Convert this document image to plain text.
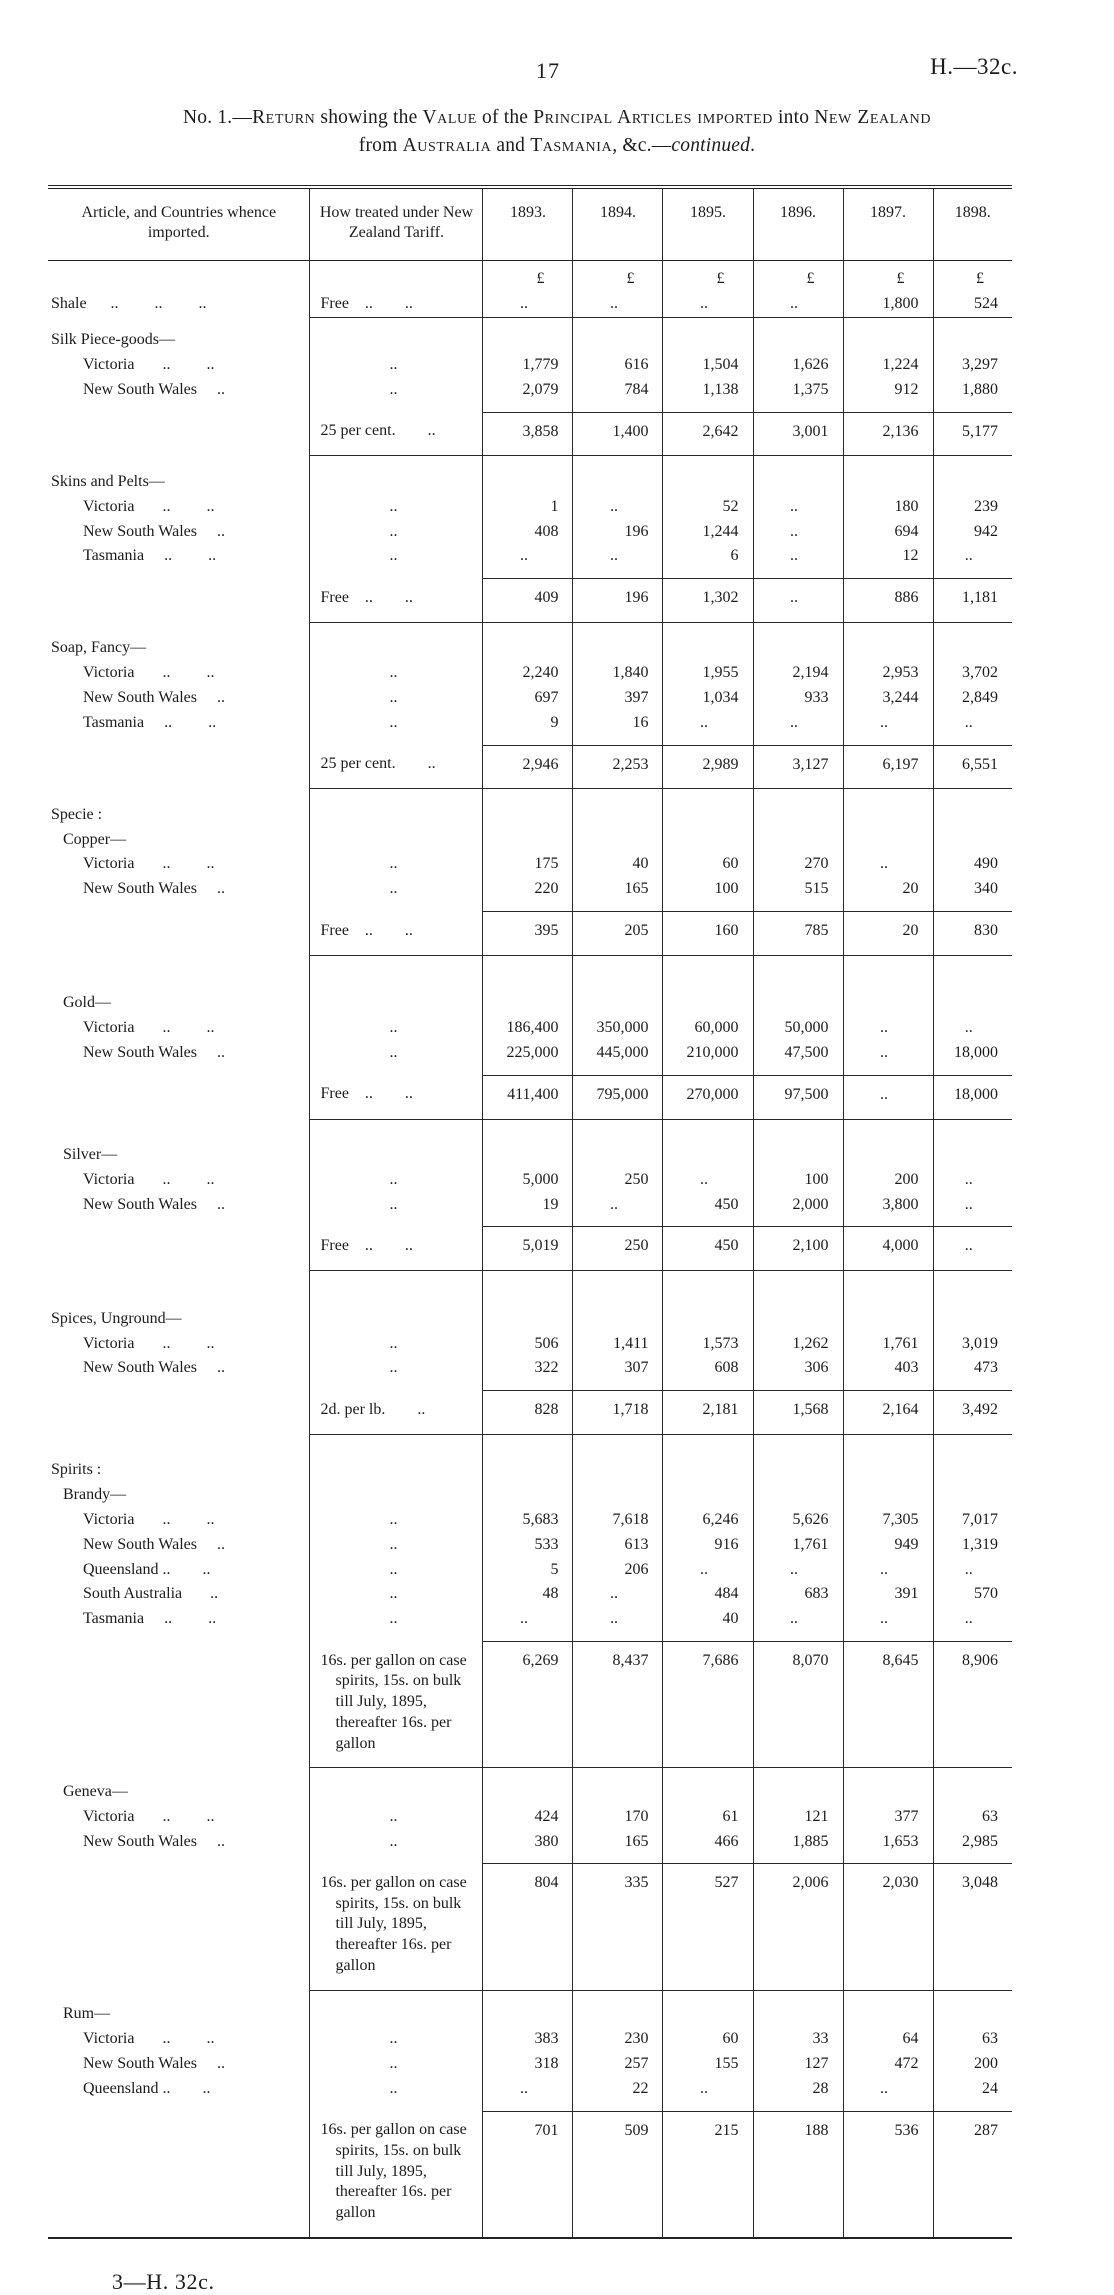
17	H.—32c.
No. 1.—Return showing the Value of the Principal Articles imported into New Zealand
from Australia and Tasmania, &c.—continued.
Article, and Countries whence imported.	How treated under New Zealand Tariff.	1893.	1894.	1895.	1896.	1897.	1898.
		£	£	£	£	£	£
Shale      ..         ..         ..	Free    ..        ..	..	..	..	..	1,800	524
Silk Piece-goods—							
Victoria       ..         ..	..	1,779	616	1,504	1,626	1,224	3,297
New South Wales     ..	..	2,079	784	1,138	1,375	912	1,880

	25 per cent.        ..	3,858	1,400	2,642	3,001	2,136	5,177
Skins and Pelts—							
Victoria       ..         ..	..	1	..	52	..	180	239
New South Wales     ..	..	408	196	1,244	..	694	942
Tasmania     ..         ..	..	..	..	6	..	12	..

	Free    ..        ..	409	196	1,302	..	886	1,181
Soap, Fancy—							
Victoria       ..         ..	..	2,240	1,840	1,955	2,194	2,953	3,702
New South Wales     ..	..	697	397	1,034	933	3,244	2,849
Tasmania     ..         ..	..	9	16	..	..	..	..

	25 per cent.        ..	2,946	2,253	2,989	3,127	6,197	6,551
Specie :							
Copper—							
Victoria       ..         ..	..	175	40	60	270	..	490
New South Wales     ..	..	220	165	100	515	20	340

	Free    ..        ..	395	205	160	785	20	830
Gold—							
Victoria       ..         ..	..	186,400	350,000	60,000	50,000	..	..
New South Wales     ..	..	225,000	445,000	210,000	47,500	..	18,000

	Free    ..        ..	411,400	795,000	270,000	97,500	..	18,000
Silver—							
Victoria       ..         ..	..	5,000	250	..	100	200	..
New South Wales     ..	..	19	..	450	2,000	3,800	..

	Free    ..        ..	5,019	250	450	2,100	4,000	..
Spices, Unground—							
Victoria       ..         ..	..	506	1,411	1,573	1,262	1,761	3,019
New South Wales     ..	..	322	307	608	306	403	473

	2d. per lb.        ..	828	1,718	2,181	1,568	2,164	3,492
Spirits :							
Brandy—							
Victoria       ..         ..	..	5,683	7,618	6,246	5,626	7,305	7,017
New South Wales     ..	..	533	613	916	1,761	949	1,319
Queensland ..        ..	..	5	206	..	..	..	..
South Australia       ..	..	48	..	484	683	391	570
Tasmania     ..         ..	..	..	..	40	..	..	..

	16s. per gallon on case spirits, 15s. on bulk till July, 1895, thereafter 16s. per gallon	6,269	8,437	7,686	8,070	8,645	8,906
Geneva—							
Victoria       ..         ..	..	424	170	61	121	377	63
New South Wales     ..	..	380	165	466	1,885	1,653	2,985

	16s. per gallon on case spirits, 15s. on bulk till July, 1895, thereafter 16s. per gallon	804	335	527	2,006	2,030	3,048
Rum—							
Victoria       ..         ..	..	383	230	60	33	64	63
New South Wales     ..	..	318	257	155	127	472	200
Queensland ..        ..	..	..	22	..	28	..	24

	16s. per gallon on case spirits, 15s. on bulk till July, 1895, thereafter 16s. per gallon	701	509	215	188	536	287
3—H. 32c.
